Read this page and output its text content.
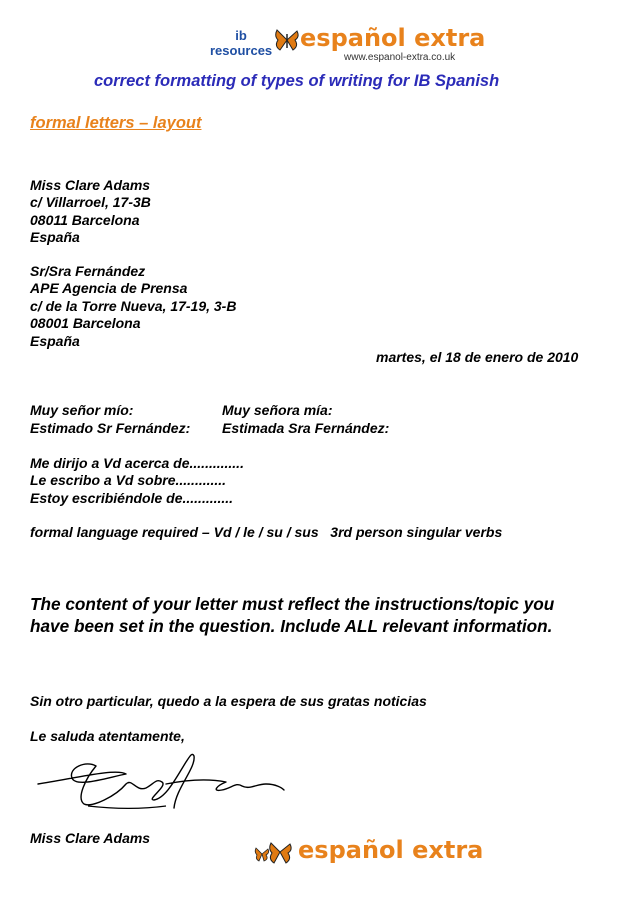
ib
resources español extra
www.espanol-extra.co.uk
correct formatting of types of writing for IB Spanish
formal letters – layout
Miss Clare Adams
c/ Villarroel, 17-3B
08011 Barcelona
España
Sr/Sra Fernández
APE Agencia de Prensa
c/ de la Torre Nueva, 17-19, 3-B
08001 Barcelona
España
martes, el 18 de enero de 2010
Muy señor mío:	Muy señora mía:
Estimado Sr Fernández: Estimada Sra Fernández:
Me dirijo a Vd acerca de..............
Le escribo a Vd sobre.............
Estoy escribiéndole de.............
formal language required – Vd / le / su / sus   3rd person singular verbs
The content of your letter must reflect the instructions/topic you
have been set in the question. Include ALL relevant information.
Sin otro particular, quedo a la espera de sus gratas noticias
Le saluda atentamente,
Miss Clare Adams	español extra
